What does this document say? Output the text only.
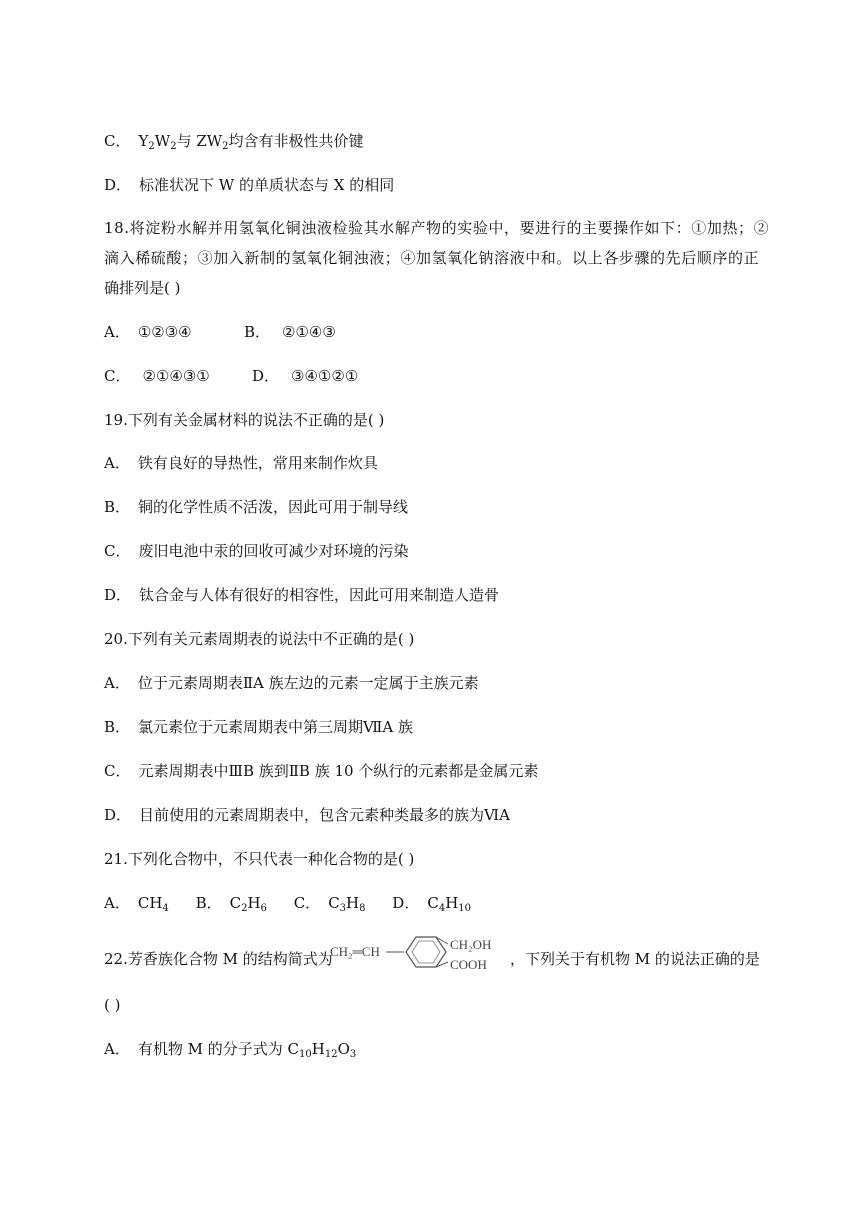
C． $Y_2W_2$与 $ZW_2$均含有非极性共价键
D． 标准状况下 W 的单质状态与 X 的相同
18.将淀粉水解并用氢氧化铜浊液检验其水解产物的实验中，要进行的主要操作如下：①加热；②
滴入稀硫酸；③加入新制的氢氧化铜浊液；④加氢氧化钠溶液中和。以上各步骤的先后顺序的正
确排列是( )
A． ①②③④	B． ②①④③
C． ②①④③①	D． ③④①②①
19.下列有关金属材料的说法不正确的是( )
A． 铁有良好的导热性，常用来制作炊具
B． 铜的化学性质不活泼，因此可用于制导线
C． 废旧电池中汞的回收可减少对环境的污染
D． 钛合金与人体有很好的相容性，因此可用来制造人造骨
20.下列有关元素周期表的说法中不正确的是( )
A． 位于元素周期表ⅡA 族左边的元素一定属于主族元素
B． 氯元素位于元素周期表中第三周期ⅦA 族
C． 元素周期表中ⅢB 族到ⅡB 族 10 个纵行的元素都是金属元素
D． 目前使用的元素周期表中，包含元素种类最多的族为ⅥA
21.下列化合物中，不只代表一种化合物的是( )
A． $CH_4$ B． $C_2H_6$ C． $C_3H_8$ D． $C_4H_{10}$
22.芳香族化合物 M 的结构简式为
CH₂═CH	CH₂OH
COOH ，下列关于有机物 M 的说法正确的是
( )
A． 有机物 M 的分子式为 $C_{10}H_{12}O_3$
